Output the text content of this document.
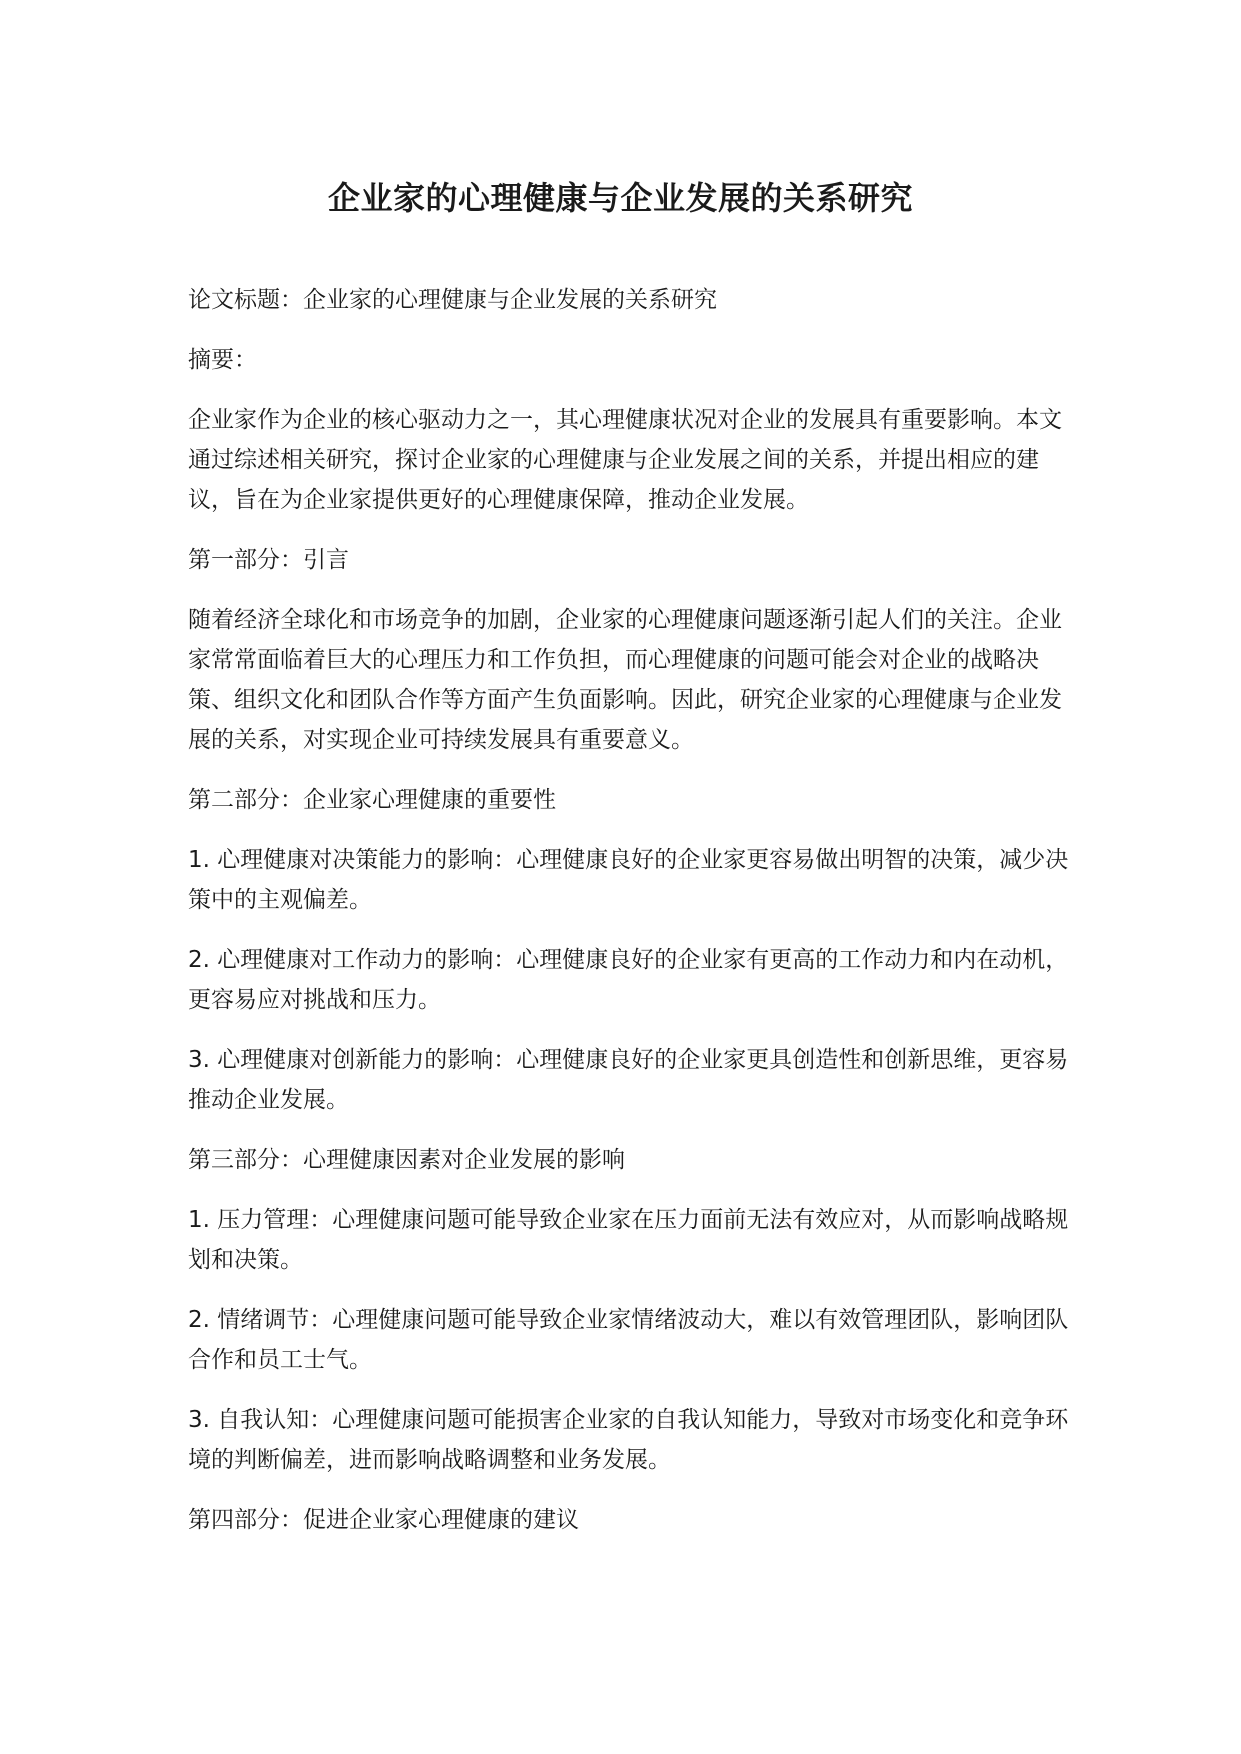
企业家的心理健康与企业发展的关系研究

论文标题：企业家的心理健康与企业发展的关系研究

摘要：

企业家作为企业的核心驱动力之一，其心理健康状况对企业的发展具有重要影响。本文通过综述相关研究，探讨企业家的心理健康与企业发展之间的关系，并提出相应的建议，旨在为企业家提供更好的心理健康保障，推动企业发展。

第一部分：引言

随着经济全球化和市场竞争的加剧，企业家的心理健康问题逐渐引起人们的关注。企业家常常面临着巨大的心理压力和工作负担，而心理健康的问题可能会对企业的战略决策、组织文化和团队合作等方面产生负面影响。因此，研究企业家的心理健康与企业发展的关系，对实现企业可持续发展具有重要意义。

第二部分：企业家心理健康的重要性

1. 心理健康对决策能力的影响：心理健康良好的企业家更容易做出明智的决策，减少决策中的主观偏差。

2. 心理健康对工作动力的影响：心理健康良好的企业家有更高的工作动力和内在动机，更容易应对挑战和压力。

3. 心理健康对创新能力的影响：心理健康良好的企业家更具创造性和创新思维，更容易推动企业发展。

第三部分：心理健康因素对企业发展的影响

1. 压力管理：心理健康问题可能导致企业家在压力面前无法有效应对，从而影响战略规划和决策。

2. 情绪调节：心理健康问题可能导致企业家情绪波动大，难以有效管理团队，影响团队合作和员工士气。

3. 自我认知：心理健康问题可能损害企业家的自我认知能力，导致对市场变化和竞争环境的判断偏差，进而影响战略调整和业务发展。

第四部分：促进企业家心理健康的建议
